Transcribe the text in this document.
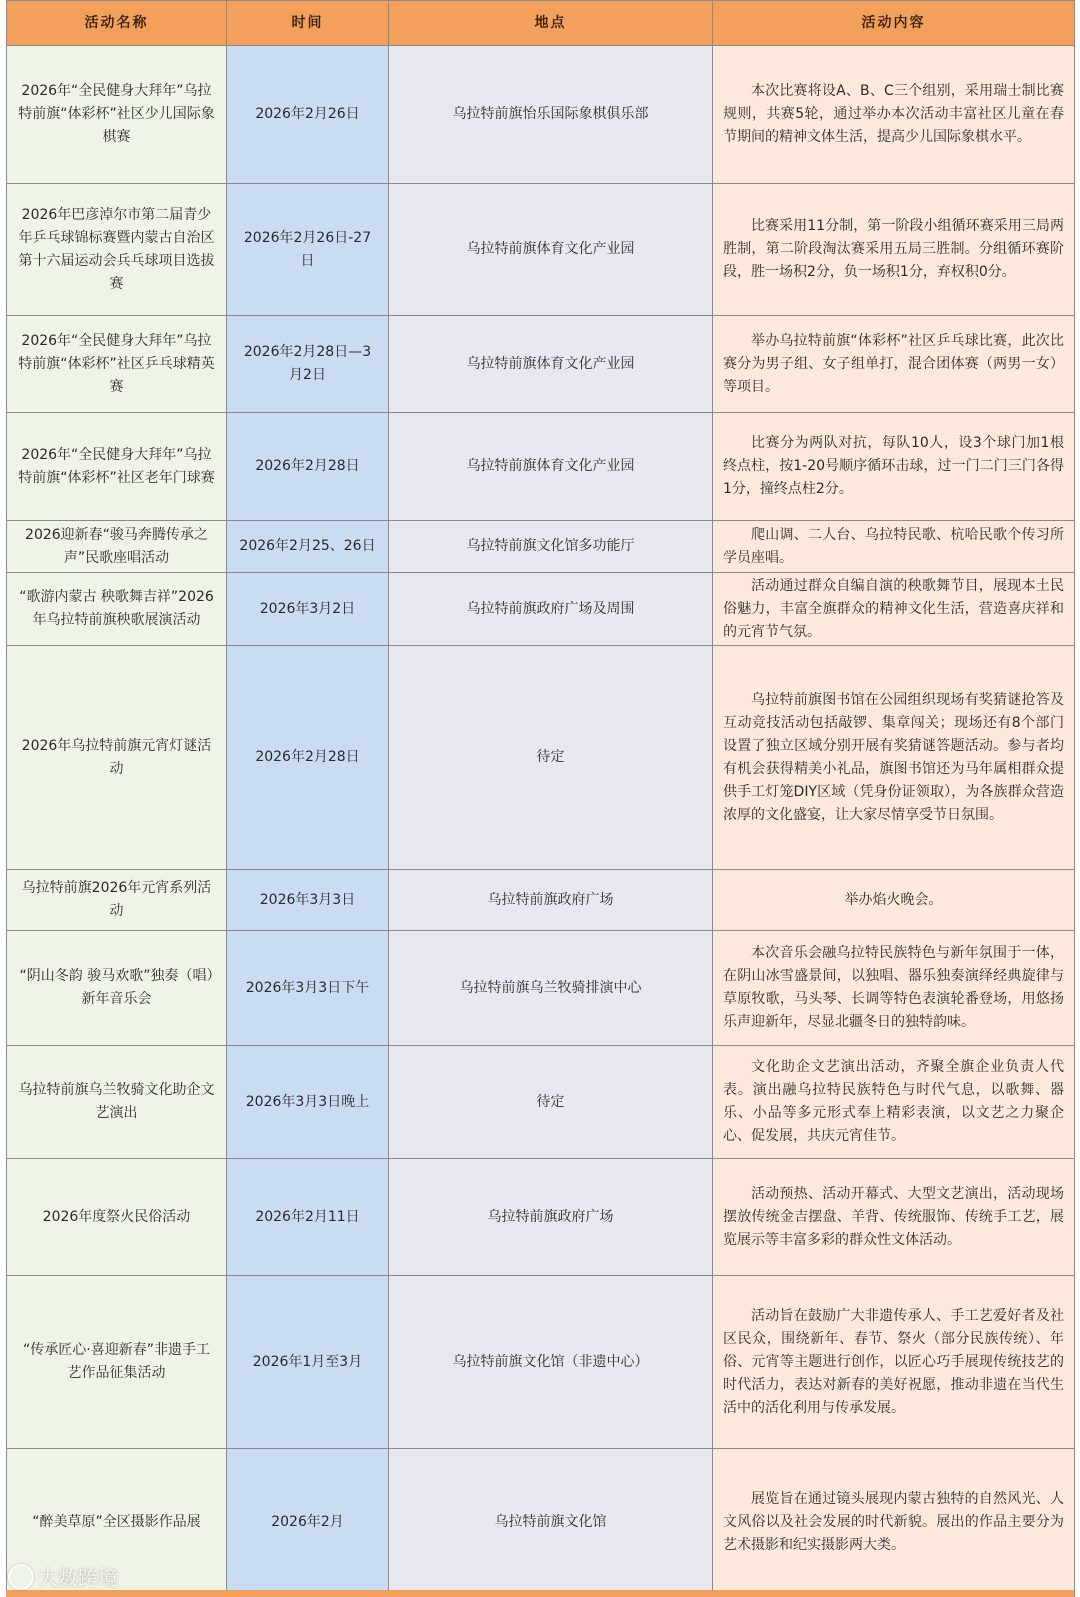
活动名称	时间	地点	活动内容
2026年“全民健身大拜年”乌拉特前旗“体彩杯”社区少儿国际象棋赛	2026年2月26日	乌拉特前旗怡乐国际象棋俱乐部	本次比赛将设A、B、C三个组别，采用瑞士制比赛规则，共赛5轮，通过举办本次活动丰富社区儿童在春节期间的精神文体生活，提高少儿国际象棋水平。

2026年巴彦淖尔市第二届青少年乒乓球锦标赛暨内蒙古自治区第十六届运动会兵乓球项目选拔赛	2026年2月26日-27日	乌拉特前旗体育文化产业园	比赛采用11分制，第一阶段小组循环赛采用三局两胜制，第二阶段淘汰赛采用五局三胜制。分组循环赛阶段，胜一场积2分，负一场积1分，弃权积0分。

2026年“全民健身大拜年”乌拉特前旗“体彩杯”社区乒乓球精英赛	2026年2月28日—3月2日	乌拉特前旗体育文化产业园	举办乌拉特前旗“体彩杯”社区乒乓球比赛，此次比赛分为男子组、女子组单打，混合团体赛（两男一女）等项目。

2026年“全民健身大拜年”乌拉特前旗“体彩杯”社区老年门球赛	2026年2月28日	乌拉特前旗体育文化产业园	比赛分为两队对抗，每队10人，设3个球门加1根终点柱，按1-20号顺序循环击球，过一门二门三门各得1分，撞终点柱2分。

2026迎新春“骏马奔腾传承之声”民歌座唱活动	2026年2月25、26日	乌拉特前旗文化馆多功能厅	爬山调、二人台、乌拉特民歌、杭哈民歌个传习所学员座唱。

“歌游内蒙古 秧歌舞吉祥”2026年乌拉特前旗秧歌展演活动	2026年3月2日	乌拉特前旗政府广场及周围	活动通过群众自编自演的秧歌舞节目，展现本土民俗魅力，丰富全旗群众的精神文化生活，营造喜庆祥和的元宵节气氛。

2026年乌拉特前旗元宵灯谜活动	2026年2月28日	待定	乌拉特前旗图书馆在公园组织现场有奖猜谜抢答及互动竞技活动包括敲锣、集章闯关；现场还有8个部门设置了独立区域分别开展有奖猜谜答题活动。参与者均有机会获得精美小礼品，旗图书馆还为马年属相群众提供手工灯笼DIY区域（凭身份证领取），为各族群众营造浓厚的文化盛宴，让大家尽情享受节日氛围。

乌拉特前旗2026年元宵系列活动	2026年3月3日	乌拉特前旗政府广场	举办焰火晚会。

“阴山冬韵 骏马欢歌”独奏（唱）新年音乐会	2026年3月3日下午	乌拉特前旗乌兰牧骑排演中心	本次音乐会融乌拉特民族特色与新年氛围于一体，在阴山冰雪盛景间，以独唱、器乐独奏演绎经典旋律与草原牧歌，马头琴、长调等特色表演轮番登场，用悠扬乐声迎新年，尽显北疆冬日的独特韵味。

乌拉特前旗乌兰牧骑文化助企文艺演出	2026年3月3日晚上	待定	文化助企文艺演出活动，齐聚全旗企业负责人代表。演出融乌拉特民族特色与时代气息，以歌舞、器乐、小品等多元形式奉上精彩表演，以文艺之力聚企心、促发展，共庆元宵佳节。

2026年度祭火民俗活动	2026年2月11日	乌拉特前旗政府广场	活动预热、活动开幕式、大型文艺演出，活动现场摆放传统金吉摆盘、羊背、传统服饰、传统手工艺，展览展示等丰富多彩的群众性文体活动。

“传承匠心·喜迎新春”非遗手工艺作品征集活动	2026年1月至3月	乌拉特前旗文化馆（非遗中心）	活动旨在鼓励广大非遗传承人、手工艺爱好者及社区民众，围绕新年、春节、祭火（部分民族传统）、年俗、元宵等主题进行创作，以匠心巧手展现传统技艺的时代活力，表达对新春的美好祝愿，推动非遗在当代生活中的活化利用与传承发展。

“醉美草原”全区摄影作品展	2026年2月	乌拉特前旗文化馆	展览旨在通过镜头展现内蒙古独特的自然风光、人文风俗以及社会发展的时代新貌。展出的作品主要分为艺术摄影和纪实摄影两大类。
大数跨境
